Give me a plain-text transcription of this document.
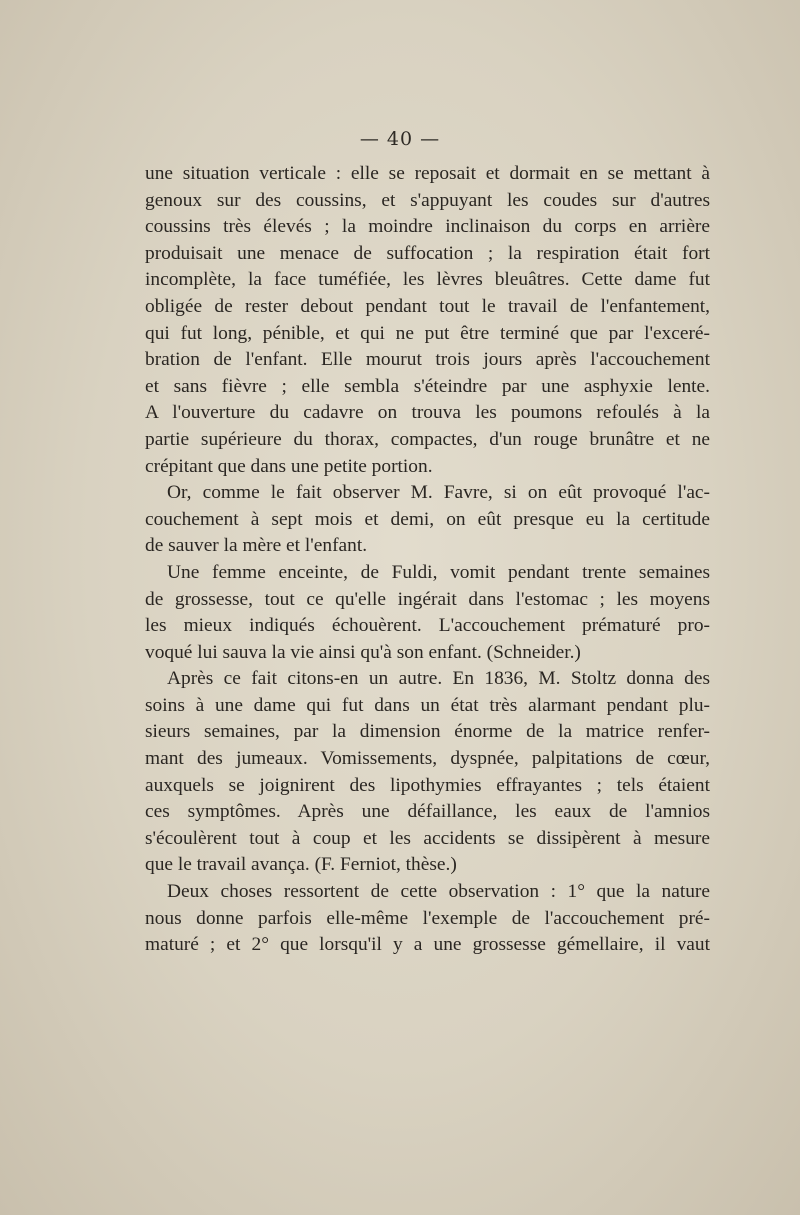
— 40 —
une situation verticale : elle se reposait et dormait en se mettant à
genoux sur des coussins, et s'appuyant les coudes sur d'autres
coussins très élevés ; la moindre inclinaison du corps en arrière
produisait une menace de suffocation ; la respiration était fort
incomplète, la face tuméfiée, les lèvres bleuâtres. Cette dame fut
obligée de rester debout pendant tout le travail de l'enfantement,
qui fut long, pénible, et qui ne put être terminé que par l'exceré-
bration de l'enfant. Elle mourut trois jours après l'accouchement
et sans fièvre ; elle sembla s'éteindre par une asphyxie lente.
A l'ouverture du cadavre on trouva les poumons refoulés à la
partie supérieure du thorax, compactes, d'un rouge brunâtre et ne
crépitant que dans une petite portion.
Or, comme le fait observer M. Favre, si on eût provoqué l'ac-
couchement à sept mois et demi, on eût presque eu la certitude
de sauver la mère et l'enfant.
Une femme enceinte, de Fuldi, vomit pendant trente semaines
de grossesse, tout ce qu'elle ingérait dans l'estomac ; les moyens
les mieux indiqués échouèrent. L'accouchement prématuré pro-
voqué lui sauva la vie ainsi qu'à son enfant. (Schneider.)
Après ce fait citons-en un autre. En 1836, M. Stoltz donna des
soins à une dame qui fut dans un état très alarmant pendant plu-
sieurs semaines, par la dimension énorme de la matrice renfer-
mant des jumeaux. Vomissements, dyspnée, palpitations de cœur,
auxquels se joignirent des lipothymies effrayantes ; tels étaient
ces symptômes. Après une défaillance, les eaux de l'amnios
s'écoulèrent tout à coup et les accidents se dissipèrent à mesure
que le travail avança. (F. Ferniot, thèse.)
Deux choses ressortent de cette observation : 1° que la nature
nous donne parfois elle-même l'exemple de l'accouchement pré-
maturé ; et 2° que lorsqu'il y a une grossesse gémellaire, il vaut
